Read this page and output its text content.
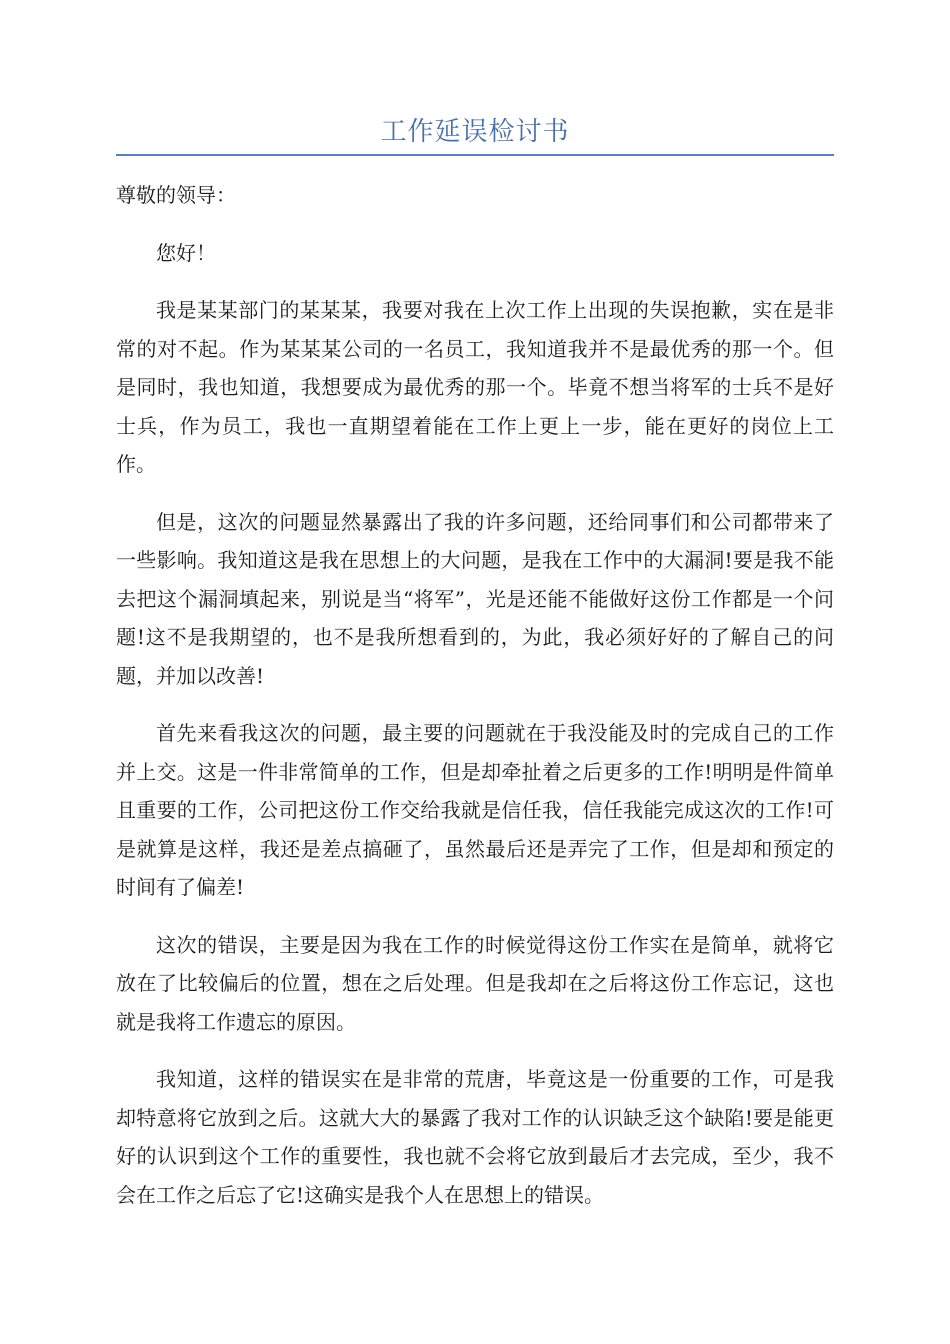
工作延误检讨书

尊敬的领导：

您好！

我是某某部门的某某某，我要对我在上次工作上出现的失误抱歉，实在是非常的对不起。作为某某某公司的一名员工，我知道我并不是最优秀的那一个。但是同时，我也知道，我想要成为最优秀的那一个。毕竟不想当将军的士兵不是好士兵，作为员工，我也一直期望着能在工作上更上一步，能在更好的岗位上工作。

但是，这次的问题显然暴露出了我的许多问题，还给同事们和公司都带来了一些影响。我知道这是我在思想上的大问题，是我在工作中的大漏洞!要是我不能去把这个漏洞填起来，别说是当“将军”，光是还能不能做好这份工作都是一个问题!这不是我期望的，也不是我所想看到的，为此，我必须好好的了解自己的问题，并加以改善!

首先来看我这次的问题，最主要的问题就在于我没能及时的完成自己的工作并上交。这是一件非常简单的工作，但是却牵扯着之后更多的工作!明明是件简单且重要的工作，公司把这份工作交给我就是信任我，信任我能完成这次的工作!可是就算是这样，我还是差点搞砸了，虽然最后还是弄完了工作，但是却和预定的时间有了偏差!

这次的错误，主要是因为我在工作的时候觉得这份工作实在是简单，就将它放在了比较偏后的位置，想在之后处理。但是我却在之后将这份工作忘记，这也就是我将工作遗忘的原因。

我知道，这样的错误实在是非常的荒唐，毕竟这是一份重要的工作，可是我却特意将它放到之后。这就大大的暴露了我对工作的认识缺乏这个缺陷!要是能更好的认识到这个工作的重要性，我也就不会将它放到最后才去完成，至少，我不会在工作之后忘了它!这确实是我个人在思想上的错误。
